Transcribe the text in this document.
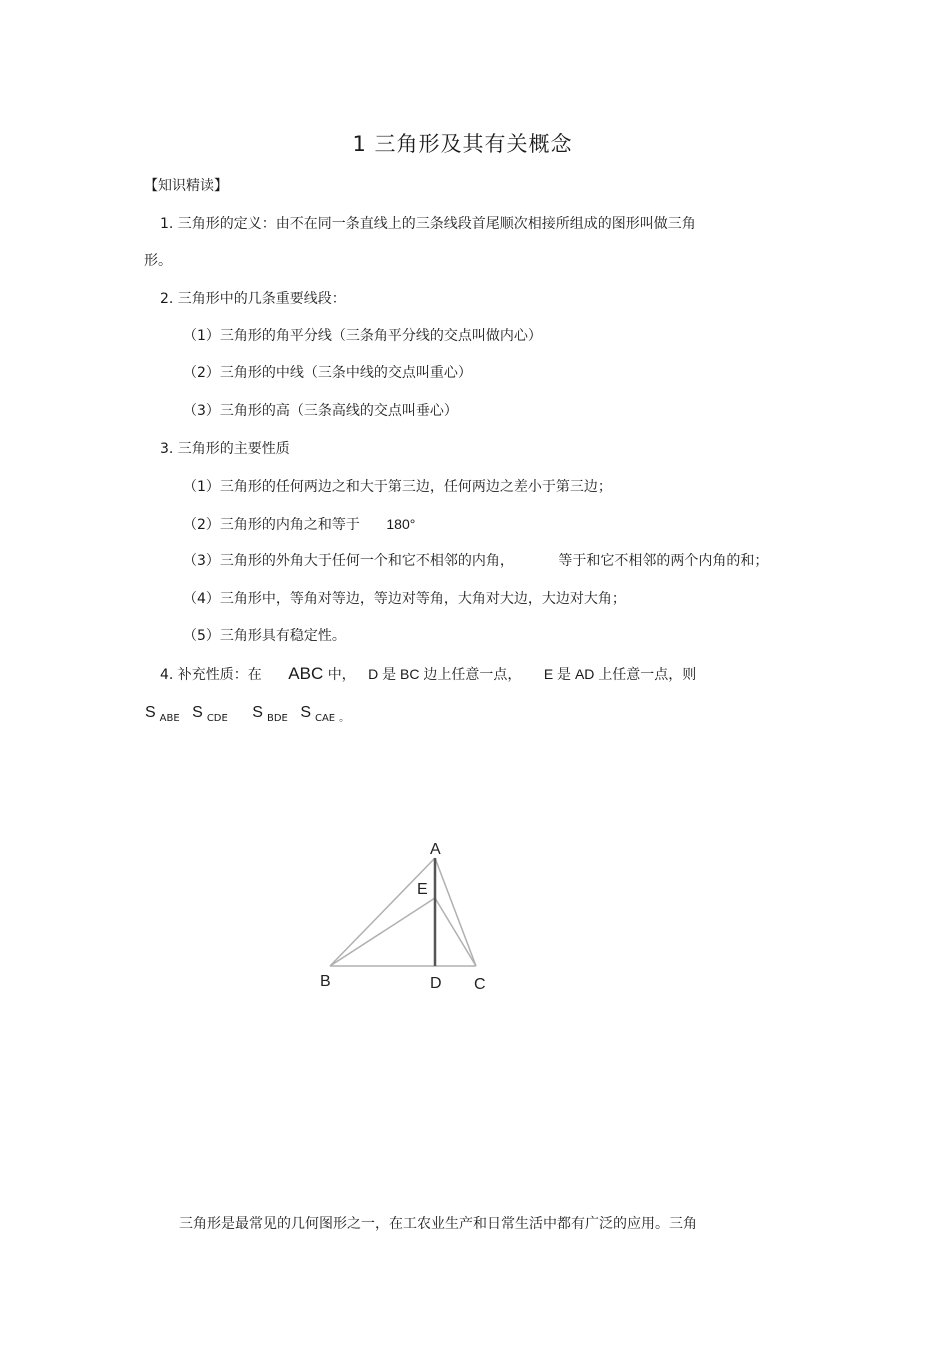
1 三角形及其有关概念
【知识精读】
1. 三角形的定义：由不在同一条直线上的三条线段首尾顺次相接所组成的图形叫做三角
形。
2. 三角形中的几条重要线段：
（1）三角形的角平分线（三条角平分线的交点叫做内心）
（2）三角形的中线（三条中线的交点叫重心）
（3）三角形的高（三条高线的交点叫垂心）
3. 三角形的主要性质
（1）三角形的任何两边之和大于第三边，任何两边之差小于第三边；
（2）三角形的内角之和等于 180°
（3）三角形的外角大于任何一个和它不相邻的内角，	等于和它不相邻的两个内角的和；
（4）三角形中，等角对等边，等边对等角，大角对大边，大边对大角；
（5）三角形具有稳定性。
4. 补充性质：在 ABC 中， D 是 BC 边上任意一点， E 是 AD 上任意一点，则
S $_{ABE}$ S $_{CDE}$ S $_{BDE}$ S $_{CAE}$ $_。$
A
E
B	D C
三角形是最常见的几何图形之一，在工农业生产和日常生活中都有广泛的应用。三角
